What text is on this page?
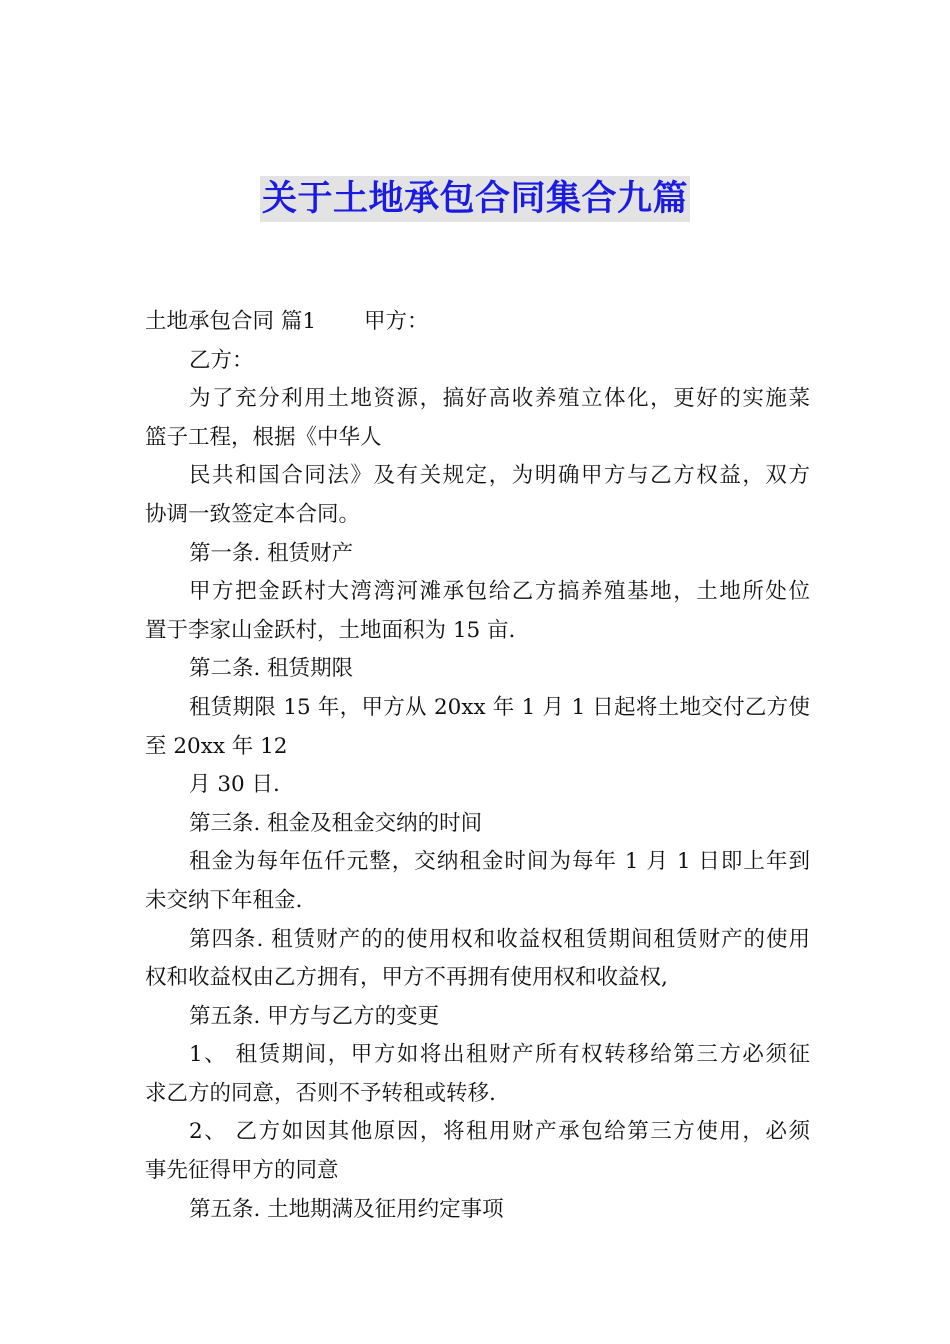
关于土地承包合同集合九篇
土地承包合同 篇1 甲方：
乙方：
为了充分利用土地资源，搞好高收养殖立体化，更好的实施菜
篮子工程，根据《中华人
民共和国合同法》及有关规定，为明确甲方与乙方权益，双方
协调一致签定本合同。
第一条. 租赁财产
甲方把金跃村大湾湾河滩承包给乙方搞养殖基地，土地所处位
置于李家山金跃村，土地面积为 15 亩.
第二条. 租赁期限
租赁期限 15 年，甲方从 20xx 年 1 月 1 日起将土地交付乙方使
至 20xx 年 12
月 30 日.
第三条. 租金及租金交纳的时间
租金为每年伍仟元整，交纳租金时间为每年 1 月 1 日即上年到
未交纳下年租金.
第四条. 租赁财产的的使用权和收益权租赁期间租赁财产的使用
权和收益权由乙方拥有，甲方不再拥有使用权和收益权,
第五条. 甲方与乙方的变更
1、 租赁期间，甲方如将出租财产所有权转移给第三方必须征
求乙方的同意，否则不予转租或转移.
2、 乙方如因其他原因，将租用财产承包给第三方使用，必须
事先征得甲方的同意
第五条. 土地期满及征用约定事项
